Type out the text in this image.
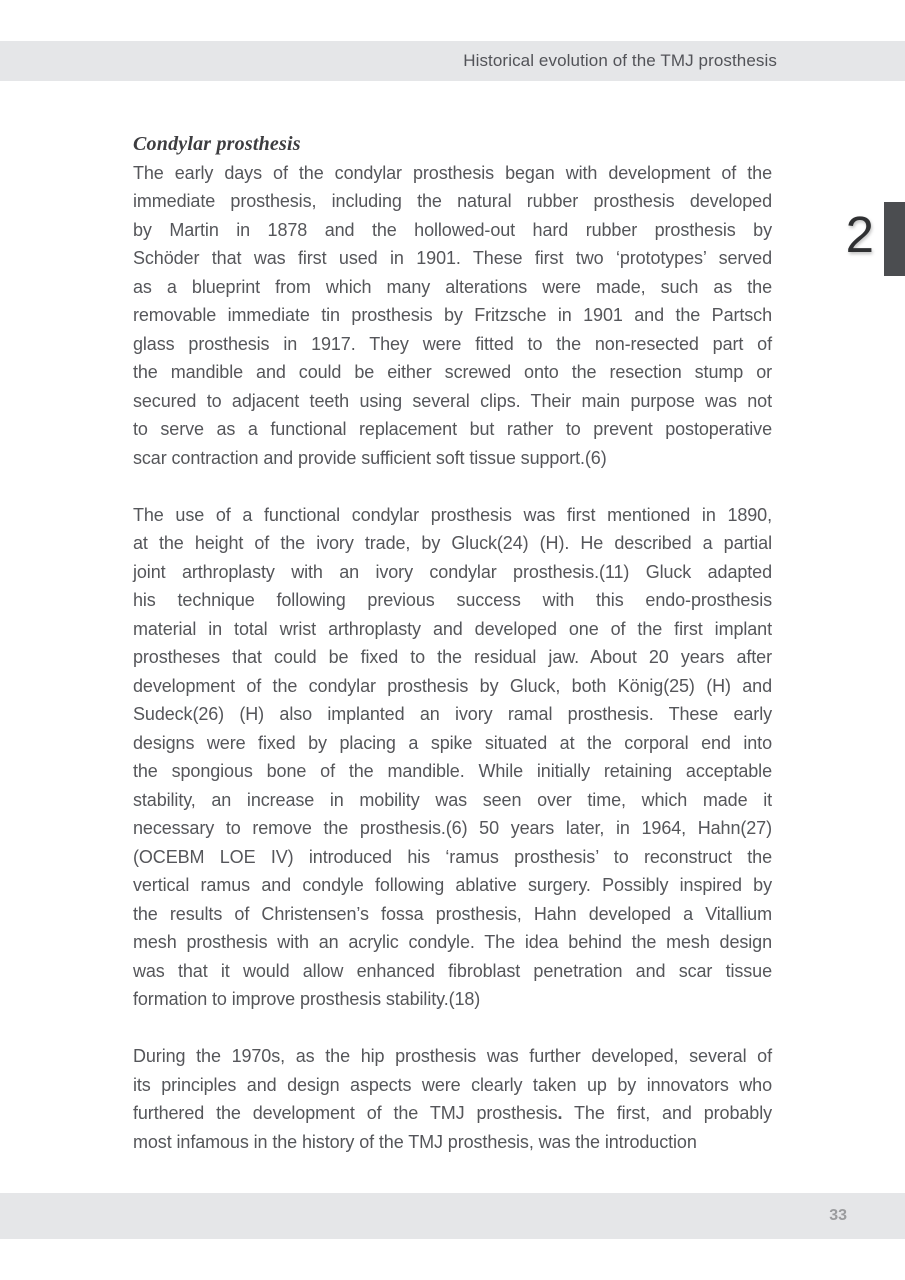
Historical evolution of the TMJ prosthesis
2
Condylar prosthesis
The early days of the condylar prosthesis began with development of the
immediate prosthesis, including the natural rubber prosthesis developed
by Martin in 1878 and the hollowed-out hard rubber prosthesis by
Schöder that was first used in 1901. These first two ‘prototypes’ served
as a blueprint from which many alterations were made, such as the
removable immediate tin prosthesis by Fritzsche in 1901 and the Partsch
glass prosthesis in 1917. They were fitted to the non-resected part of
the mandible and could be either screwed onto the resection stump or
secured to adjacent teeth using several clips. Their main purpose was not
to serve as a functional replacement but rather to prevent postoperative
scar contraction and provide sufficient soft tissue support.(6)
The use of a functional condylar prosthesis was first mentioned in 1890,
at the height of the ivory trade, by Gluck(24) (H). He described a partial
joint arthroplasty with an ivory condylar prosthesis.(11) Gluck adapted
his technique following previous success with this endo-prosthesis
material in total wrist arthroplasty and developed one of the first implant
prostheses that could be fixed to the residual jaw. About 20 years after
development of the condylar prosthesis by Gluck, both König(25) (H) and
Sudeck(26) (H) also implanted an ivory ramal prosthesis. These early
designs were fixed by placing a spike situated at the corporal end into
the spongious bone of the mandible. While initially retaining acceptable
stability, an increase in mobility was seen over time, which made it
necessary to remove the prosthesis.(6) 50 years later, in 1964, Hahn(27)
(OCEBM LOE IV) introduced his ‘ramus prosthesis’ to reconstruct the
vertical ramus and condyle following ablative surgery. Possibly inspired by
the results of Christensen’s fossa prosthesis, Hahn developed a Vitallium
mesh prosthesis with an acrylic condyle. The idea behind the mesh design
was that it would allow enhanced fibroblast penetration and scar tissue
formation to improve prosthesis stability.(18)
During the 1970s, as the hip prosthesis was further developed, several of
its principles and design aspects were clearly taken up by innovators who
furthered the development of the TMJ prosthesis. The first, and probably
most infamous in the history of the TMJ prosthesis, was the introduction
33
